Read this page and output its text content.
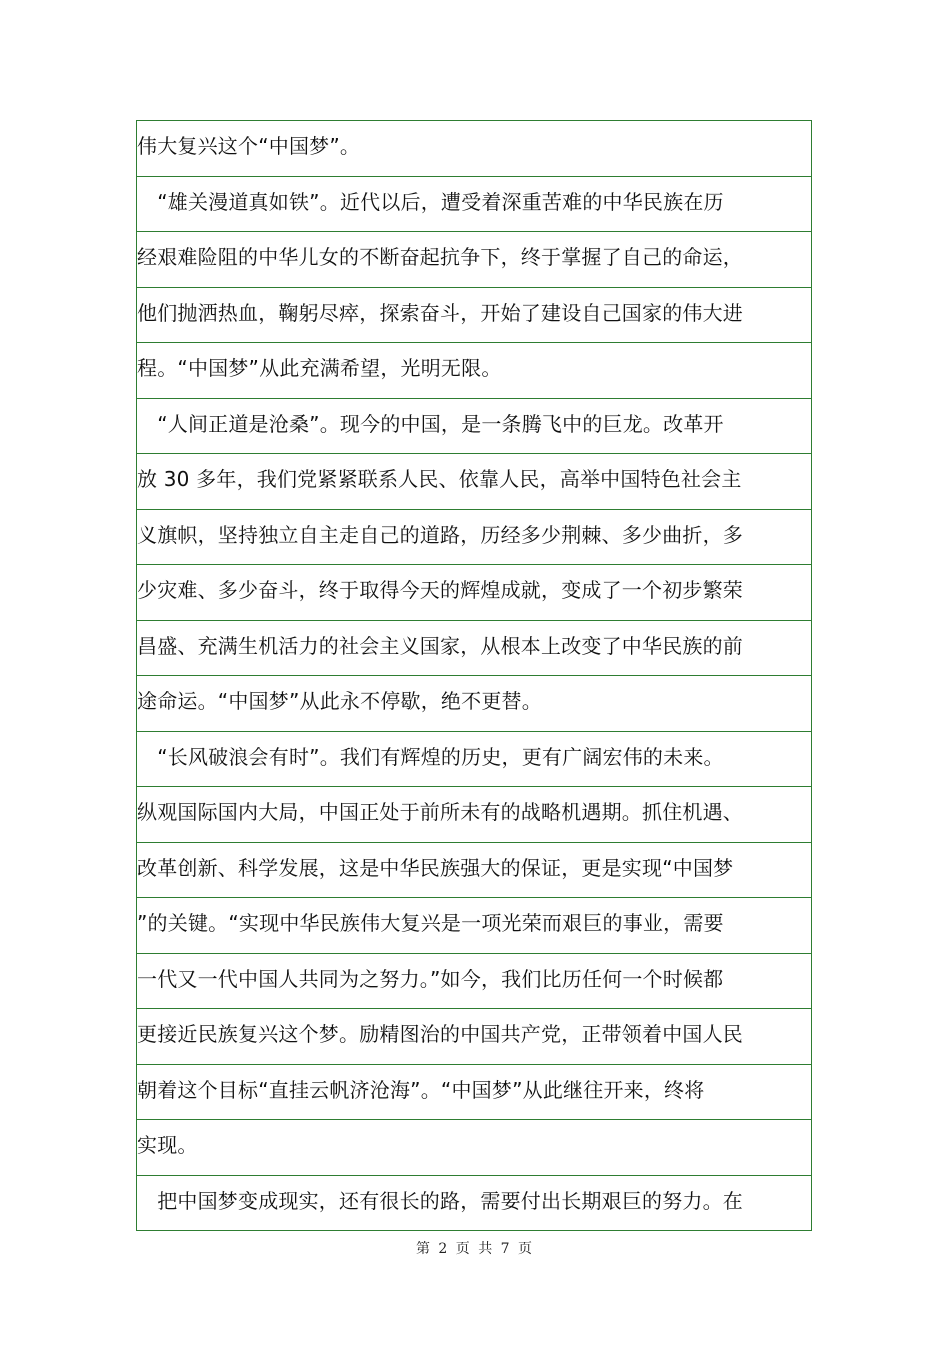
伟大复兴这个“中国梦”。
　“雄关漫道真如铁”。近代以后，遭受着深重苦难的中华民族在历
经艰难险阻的中华儿女的不断奋起抗争下，终于掌握了自己的命运，
他们抛洒热血，鞠躬尽瘁，探索奋斗，开始了建设自己国家的伟大进
程。“中国梦”从此充满希望，光明无限。
　“人间正道是沧桑”。现今的中国，是一条腾飞中的巨龙。改革开
放 30 多年，我们党紧紧联系人民、依靠人民，高举中国特色社会主
义旗帜，坚持独立自主走自己的道路，历经多少荆棘、多少曲折，多
少灾难、多少奋斗，终于取得今天的辉煌成就，变成了一个初步繁荣
昌盛、充满生机活力的社会主义国家，从根本上改变了中华民族的前
途命运。“中国梦”从此永不停歇，绝不更替。
　“长风破浪会有时”。我们有辉煌的历史，更有广阔宏伟的未来。
纵观国际国内大局，中国正处于前所未有的战略机遇期。抓住机遇、
改革创新、科学发展，这是中华民族强大的保证，更是实现“中国梦
”的关键。“实现中华民族伟大复兴是一项光荣而艰巨的事业，需要
一代又一代中国人共同为之努力。”如今，我们比历任何一个时候都
更接近民族复兴这个梦。励精图治的中国共产党，正带领着中国人民
朝着这个目标“直挂云帆济沧海”。“中国梦”从此继往开来，终将
实现。
　把中国梦变成现实，还有很长的路，需要付出长期艰巨的努力。在
第 2 页 共 7 页
